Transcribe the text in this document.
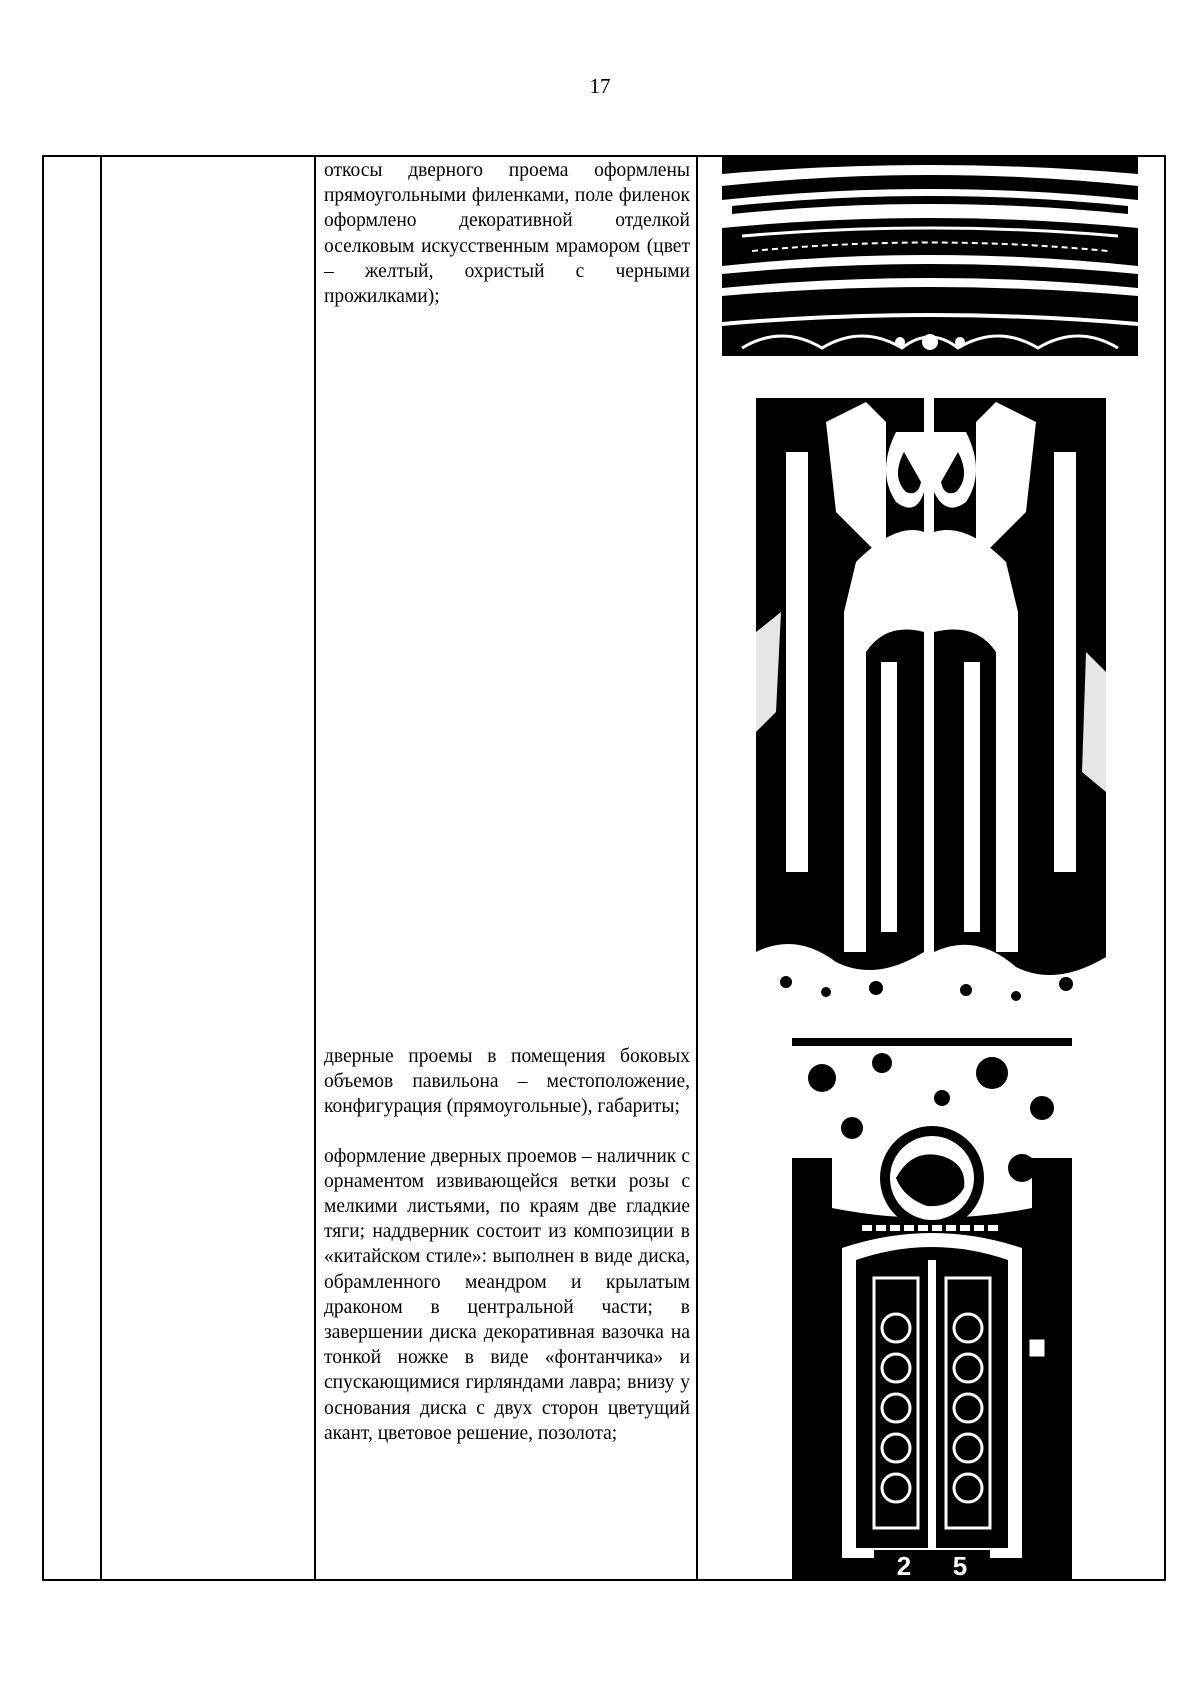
17

откосы дверного проема оформлены прямоугольными филенками, поле филенок оформлено декоративной отделкой оселковым искусственным мрамором (цвет – желтый, охристый с черными прожилками);

дверные проемы в помещения боковых объемов павильона – местоположение, конфигурация (прямоугольные), габариты;

оформление дверных проемов – наличник с орнаментом извивающейся ветки розы с мелкими листьями, по краям две гладкие тяги; наддверник состоит из композиции в «китайском стиле»: выполнен в виде диска, обрамленного меандром и крылатым драконом в центральной части; в завершении диска декоративная вазочка на тонкой ножке в виде «фонтанчика» и спускающимися гирляндами лавра; внизу у основания диска с двух сторон цветущий акант, цветовое решение, позолота;

2 5
